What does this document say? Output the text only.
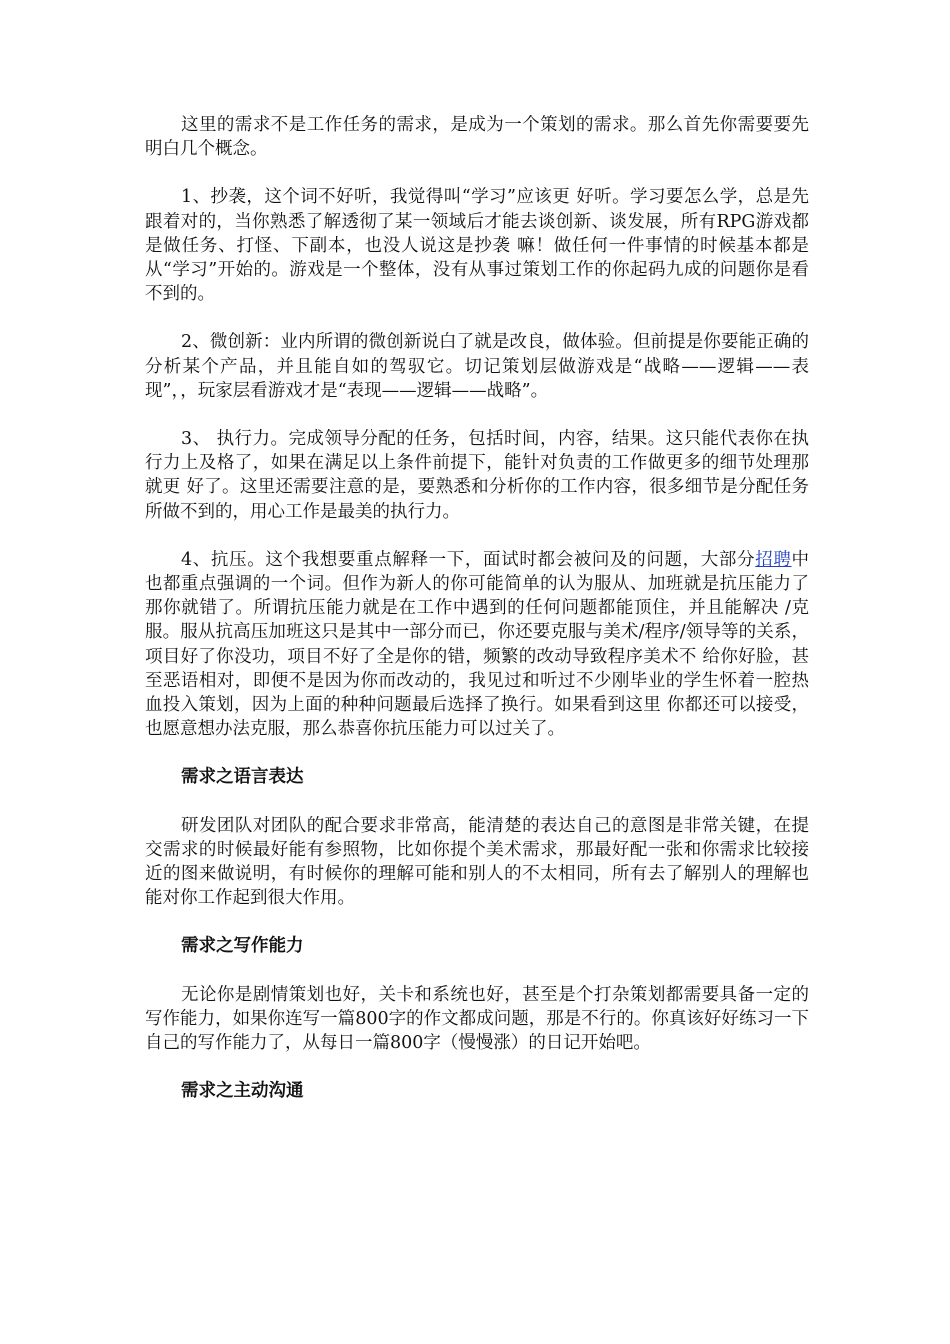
这里的需求不是工作任务的需求，是成为一个策划的需求。那么首先你需要要先明白几个概念。

1、抄袭，这个词不好听，我觉得叫“学习”应该更 好听。学习要怎么学，总是先跟着对的，当你熟悉了解透彻了某一领域后才能去谈创新、谈发展，所有RPG游戏都是做任务、打怪、下副本，也没人说这是抄袭 嘛！做任何一件事情的时候基本都是从“学习”开始的。游戏是一个整体，没有从事过策划工作的你起码九成的问题你是看不到的。

2、微创新：业内所谓的微创新说白了就是改良，做体验。但前提是你要能正确的分析某个产品，并且能自如的驾驭它。切记策划层做游戏是“战略——逻辑——表现”，，玩家层看游戏才是“表现——逻辑——战略”。

3、 执行力。完成领导分配的任务，包括时间，内容，结果。这只能代表你在执行力上及格了，如果在满足以上条件前提下，能针对负责的工作做更多的细节处理那就更 好了。这里还需要注意的是，要熟悉和分析你的工作内容，很多细节是分配任务所做不到的，用心工作是最美的执行力。

4、抗压。这个我想要重点解释一下，面试时都会被问及的问题，大部分招聘中 也都重点强调的一个词。但作为新人的你可能简单的认为服从、加班就是抗压能力了那你就错了。所谓抗压能力就是在工作中遇到的任何问题都能顶住，并且能解决 /克服。服从抗高压加班这只是其中一部分而已，你还要克服与美术/程序/领导等的关系，项目好了你没功，项目不好了全是你的错，频繁的改动导致程序美术不 给你好脸，甚至恶语相对，即便不是因为你而改动的，我见过和听过不少刚毕业的学生怀着一腔热血投入策划，因为上面的种种问题最后选择了换行。如果看到这里 你都还可以接受，也愿意想办法克服，那么恭喜你抗压能力可以过关了。

需求之语言表达

研发团队对团队的配合要求非常高，能清楚的表达自己的意图是非常关键，在提交需求的时候最好能有参照物，比如你提个美术需求，那最好配一张和你需求比较接近的图来做说明，有时候你的理解可能和别人的不太相同，所有去了解别人的理解也能对你工作起到很大作用。

需求之写作能力

无论你是剧情策划也好，关卡和系统也好，甚至是个打杂策划都需要具备一定的写作能力，如果你连写一篇800字的作文都成问题，那是不行的。你真该好好练习一下自己的写作能力了，从每日一篇800字（慢慢涨）的日记开始吧。

需求之主动沟通
